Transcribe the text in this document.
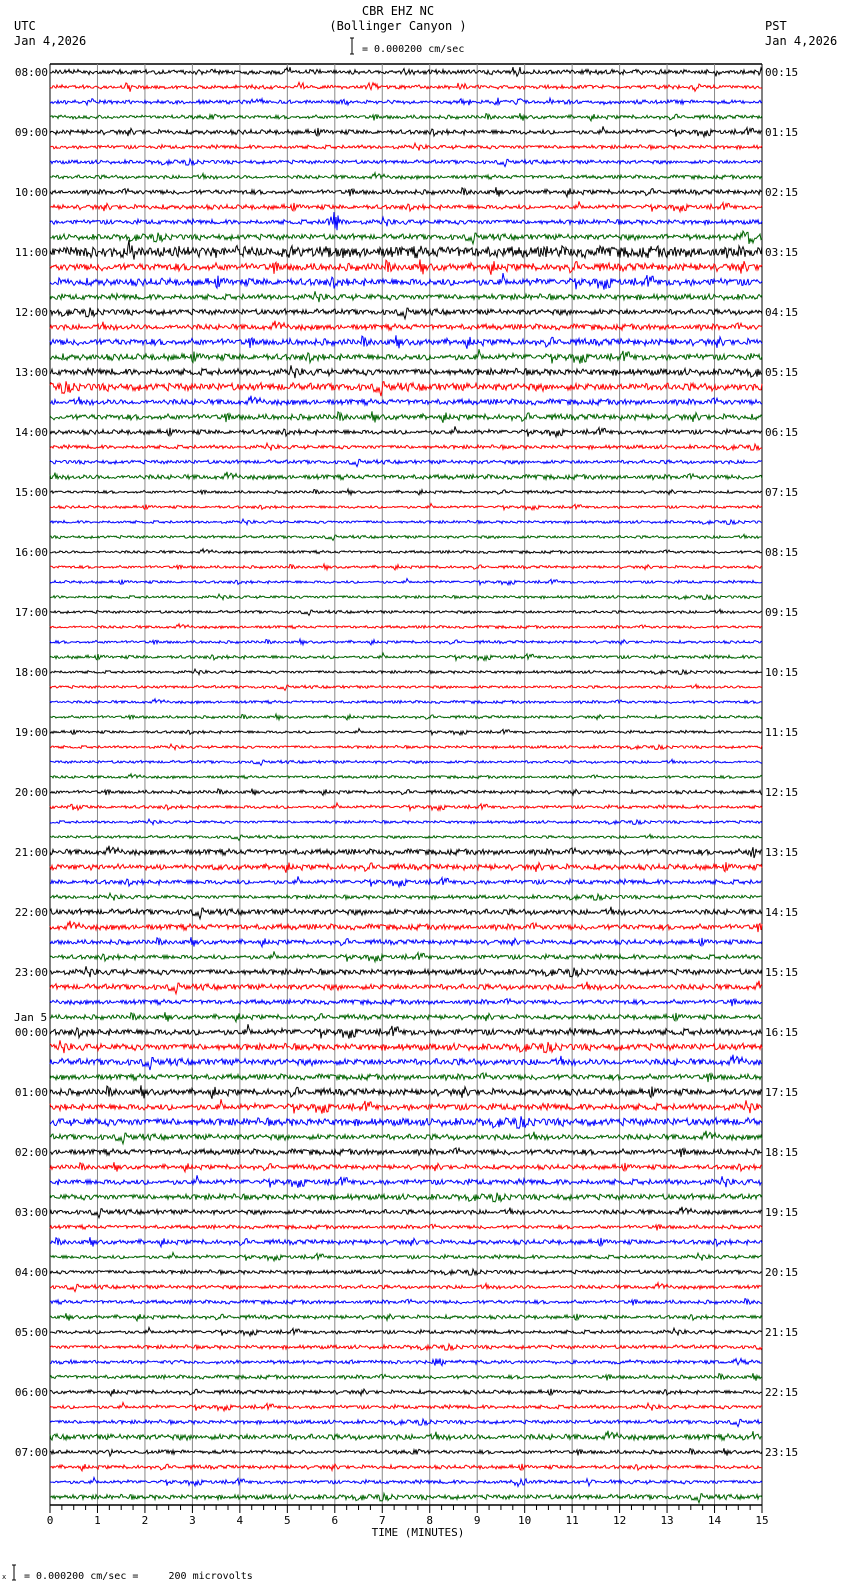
CBR EHZ NC
(Bollinger Canyon )
UTC
Jan 4,2026
PST
Jan 4,2026
= 0.000200 cm/sec
08:00	00:15
09:00	01:15
10:00	02:15
11:00	03:15
12:00	04:15
13:00	05:15
14:00	06:15
15:00	07:15
16:00	08:15
17:00	09:15
18:00	10:15
19:00	11:15
20:00	12:15
21:00	13:15
22:00	14:15
23:00	15:15
00:00	16:15
Jan 5
01:00	17:15
02:00	18:15
03:00	19:15
04:00	20:15
05:00	21:15
06:00	22:15
07:00	23:15
0	1	2	3	4	5	6	7	8	9	10	11	12	13	14	15
TIME (MINUTES)
x = 0.000200 cm/sec =     200 microvolts
